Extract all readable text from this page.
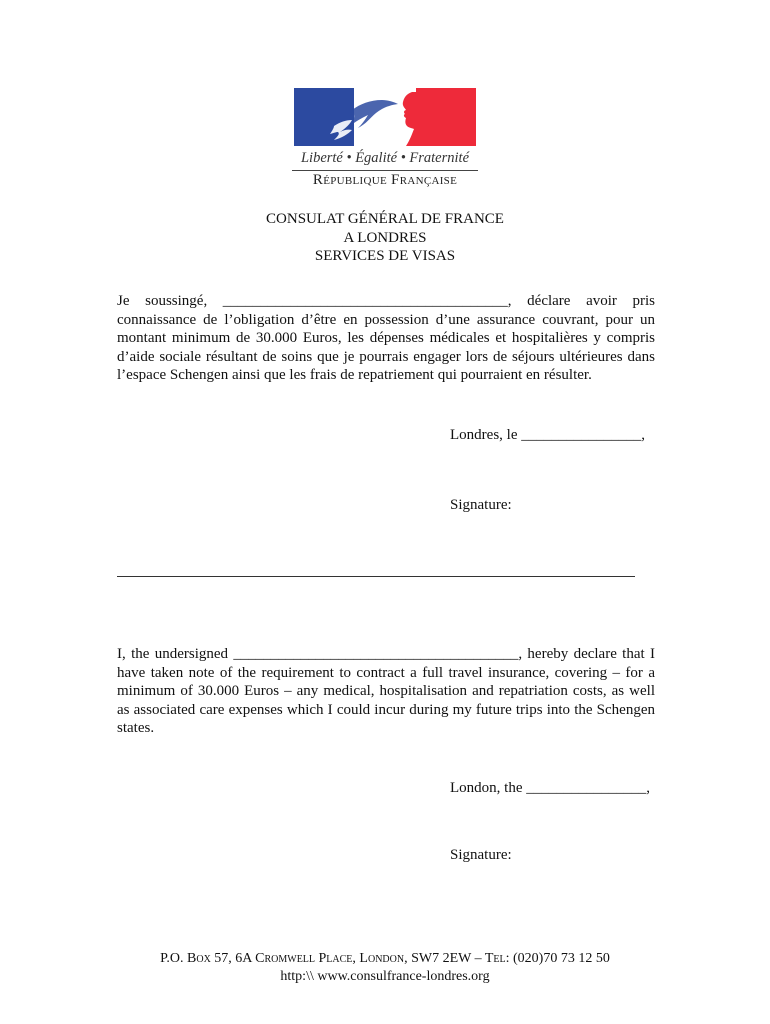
Liberté • Égalité • Fraternité
République Française
CONSULAT GÉNÉRAL DE FRANCE
A LONDRES
SERVICES DE VISAS
Je soussingé, ______________________________________, déclare avoir pris connaissance de l’obligation d’être en possession d’une assurance couvrant, pour un montant minimum de 30.000 Euros, les dépenses médicales et hospitalières y compris d’aide sociale résultant de soins que je pourrais engager lors de séjours ultérieures dans l’espace Schengen ainsi que les frais de repatriement qui pourraient en résulter.
Londres, le ________________,
Signature:
I, the undersigned ______________________________________, hereby declare that I have taken note of the requirement to contract a full travel insurance, covering – for a minimum of 30.000 Euros – any medical, hospitalisation and repatriation costs, as well as associated care expenses which I could incur during my future trips into the Schengen states.
London, the ________________,
Signature:
P.O. Box 57, 6A Cromwell Place, London, SW7 2EW – Tel: (020)70 73 12 50
http:\\ www.consulfrance-londres.org
